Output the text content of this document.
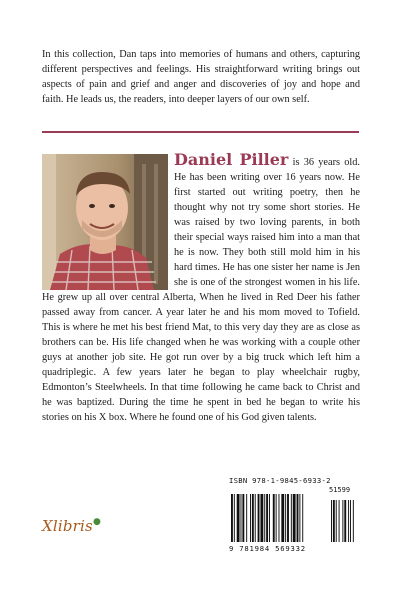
In this collection, Dan taps into memories of humans and others, capturing different perspectives and feelings. His straightforward writing brings out aspects of pain and grief and anger and discoveries of joy and hope and faith. He leads us, the readers, into deeper layers of our own self.

Daniel Piller is 36 years old. He has been writing over 16 years now. He first started out writing poetry, then he thought why not try some short stories. He was raised by two loving parents, in both their special ways raised him into a man that he is now. They both still mold him in his hard times. He has one sister her name is Jen she is one of the strongest women in his life. He grew up all over central Alberta, When he lived in Red Deer his father passed away from cancer. A year later he and his mom moved to Tofield. This is where he met his best friend Mat, to this very day they are as close as brothers can be. His life changed when he was working with a couple other guys at another job site. He got run over by a big truck which left him a quadriplegic. A few years later he began to play wheelchair rugby, Edmonton’s Steelwheels. In that time following he came back to Christ and he was baptized. During the time he spent in bed he began to write his stories on his X box. Where he found one of his God given talents.
Xlibris●
ISBN 978-1-9845-6933-2
51599
9 781984 569332
